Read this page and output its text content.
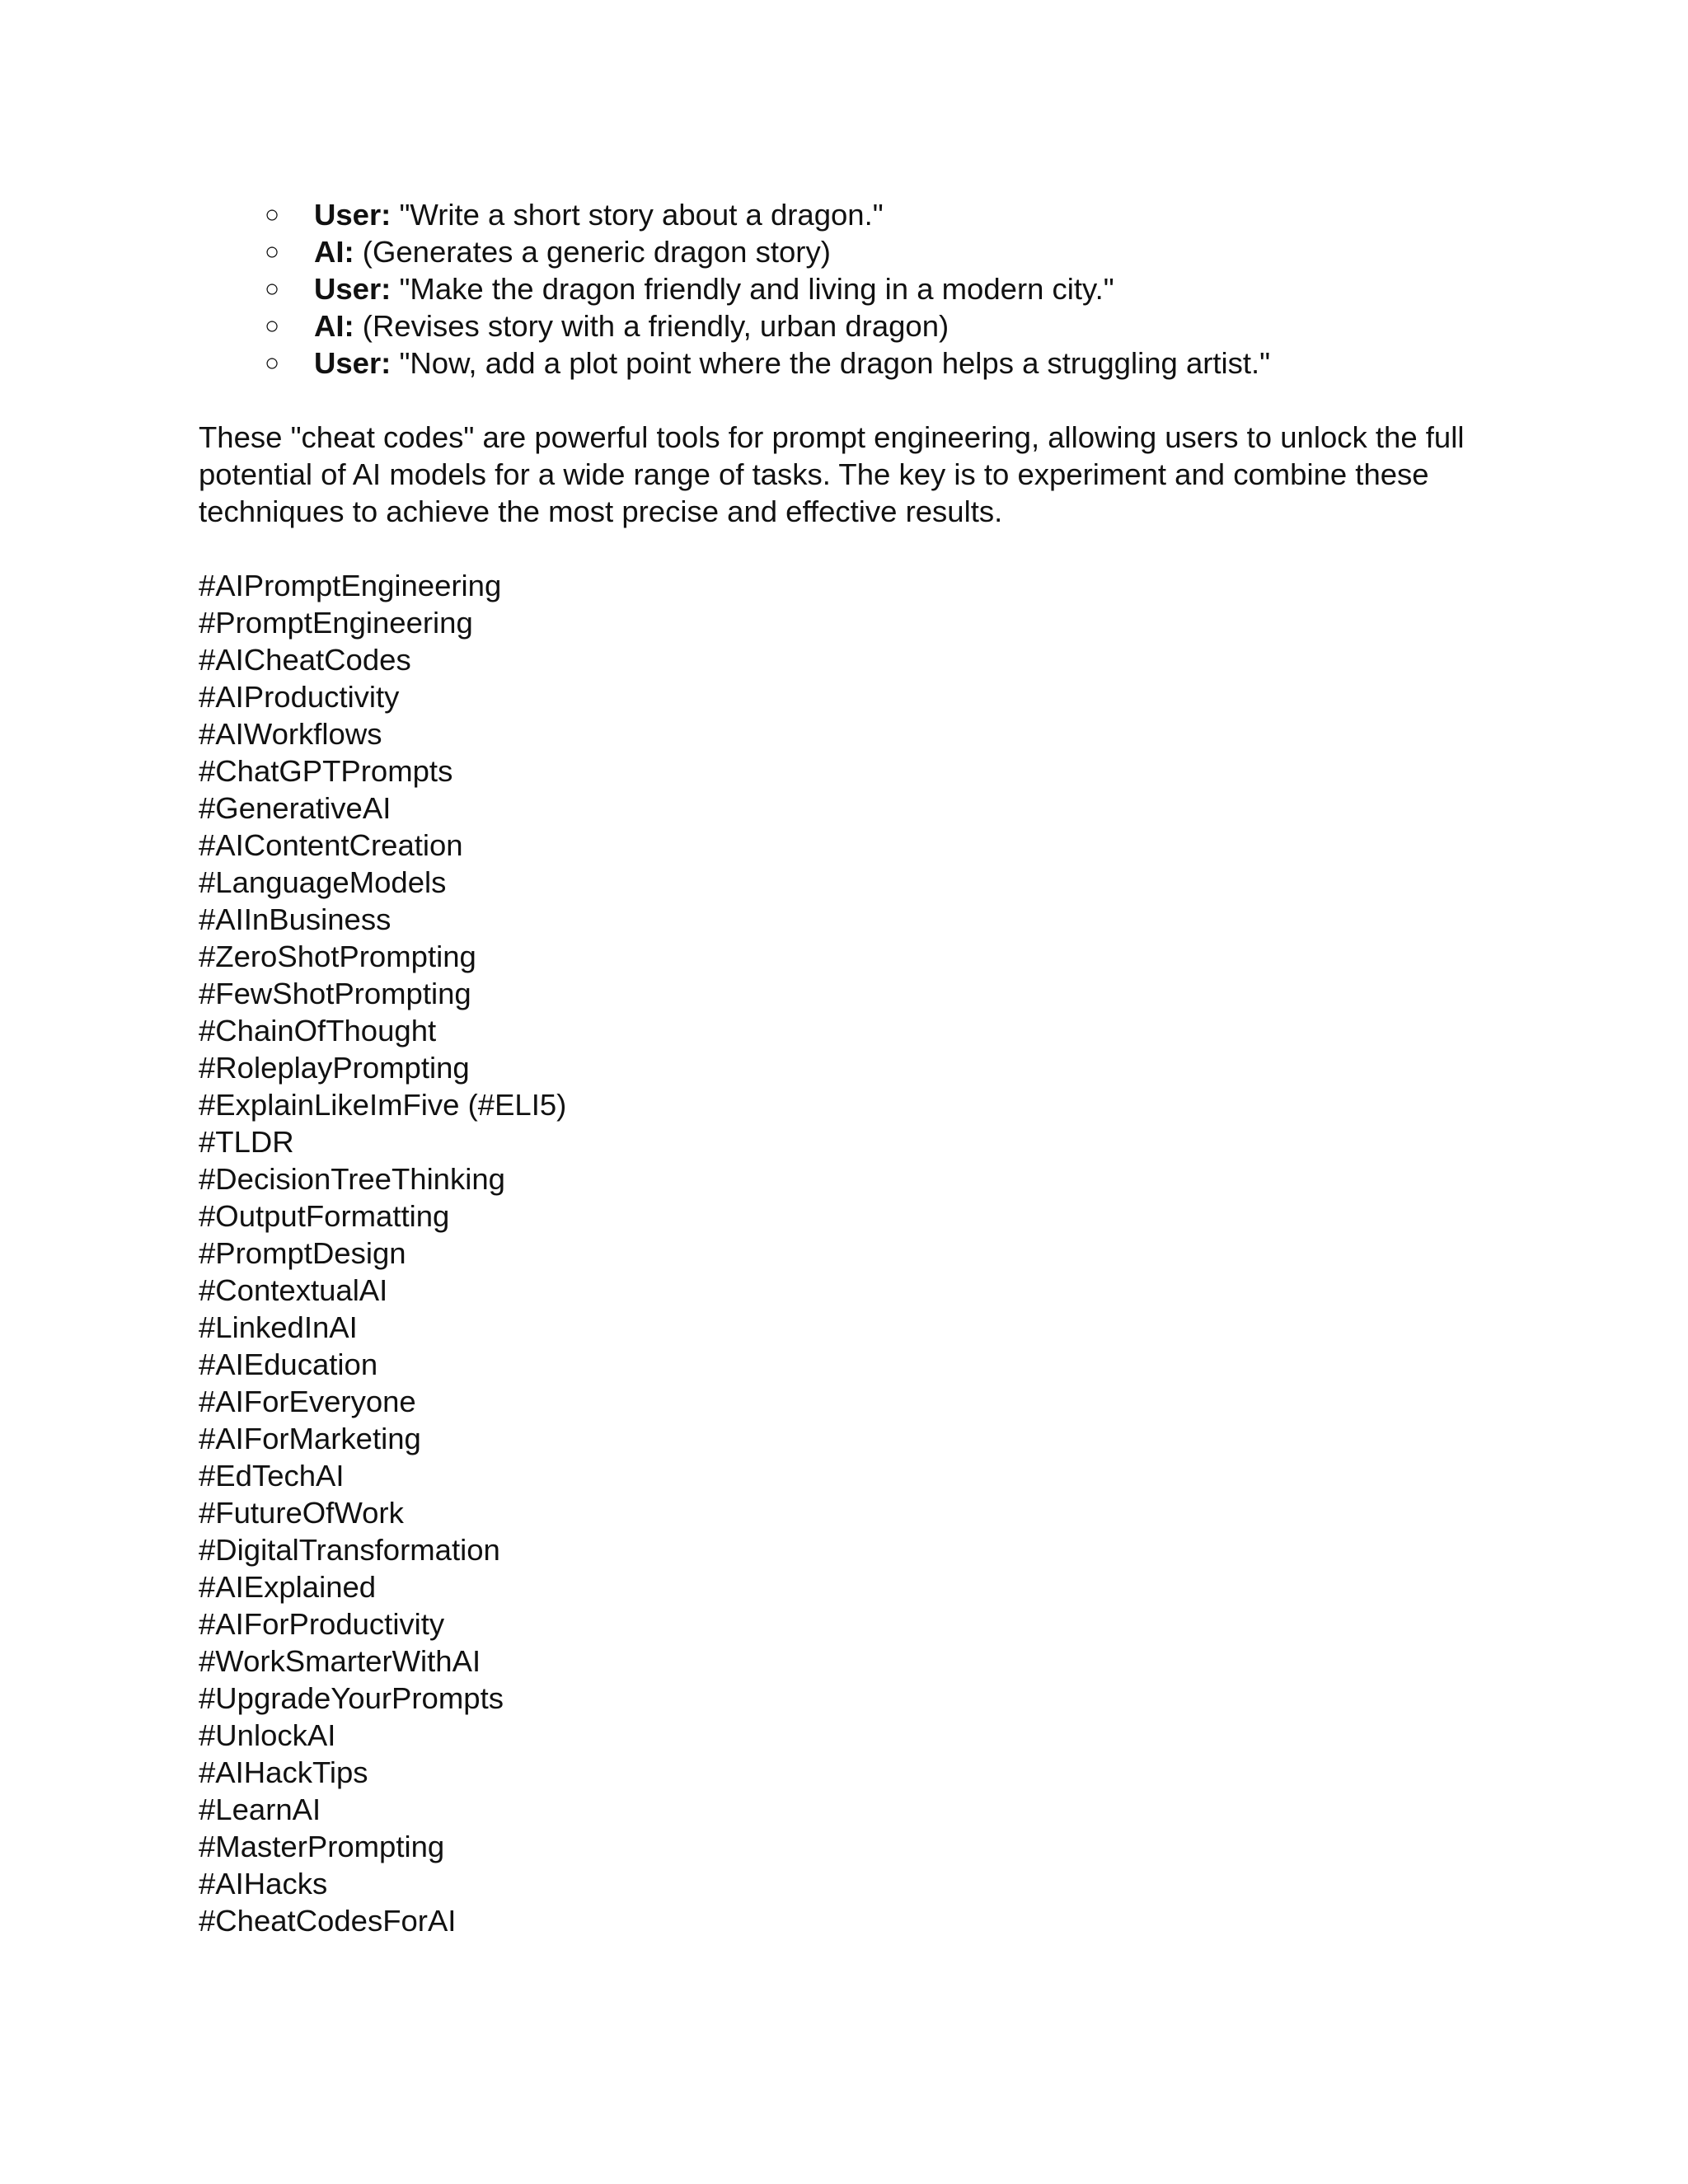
○ User: "Write a short story about a dragon."
○ AI: (Generates a generic dragon story)
○ User: "Make the dragon friendly and living in a modern city."
○ AI: (Revises story with a friendly, urban dragon)
○ User: "Now, add a plot point where the dragon helps a struggling artist."

These "cheat codes" are powerful tools for prompt engineering, allowing users to unlock the full
potential of AI models for a wide range of tasks. The key is to experiment and combine these
techniques to achieve the most precise and effective results.

#AIPromptEngineering
#PromptEngineering
#AICheatCodes
#AIProductivity
#AIWorkflows
#ChatGPTPrompts
#GenerativeAI
#AIContentCreation
#LanguageModels
#AIInBusiness
#ZeroShotPrompting
#FewShotPrompting
#ChainOfThought
#RoleplayPrompting
#ExplainLikeImFive (#ELI5)
#TLDR
#DecisionTreeThinking
#OutputFormatting
#PromptDesign
#ContextualAI
#LinkedInAI
#AIEducation
#AIForEveryone
#AIForMarketing
#EdTechAI
#FutureOfWork
#DigitalTransformation
#AIExplained
#AIForProductivity
#WorkSmarterWithAI
#UpgradeYourPrompts
#UnlockAI
#AIHackTips
#LearnAI
#MasterPrompting
#AIHacks
#CheatCodesForAI
